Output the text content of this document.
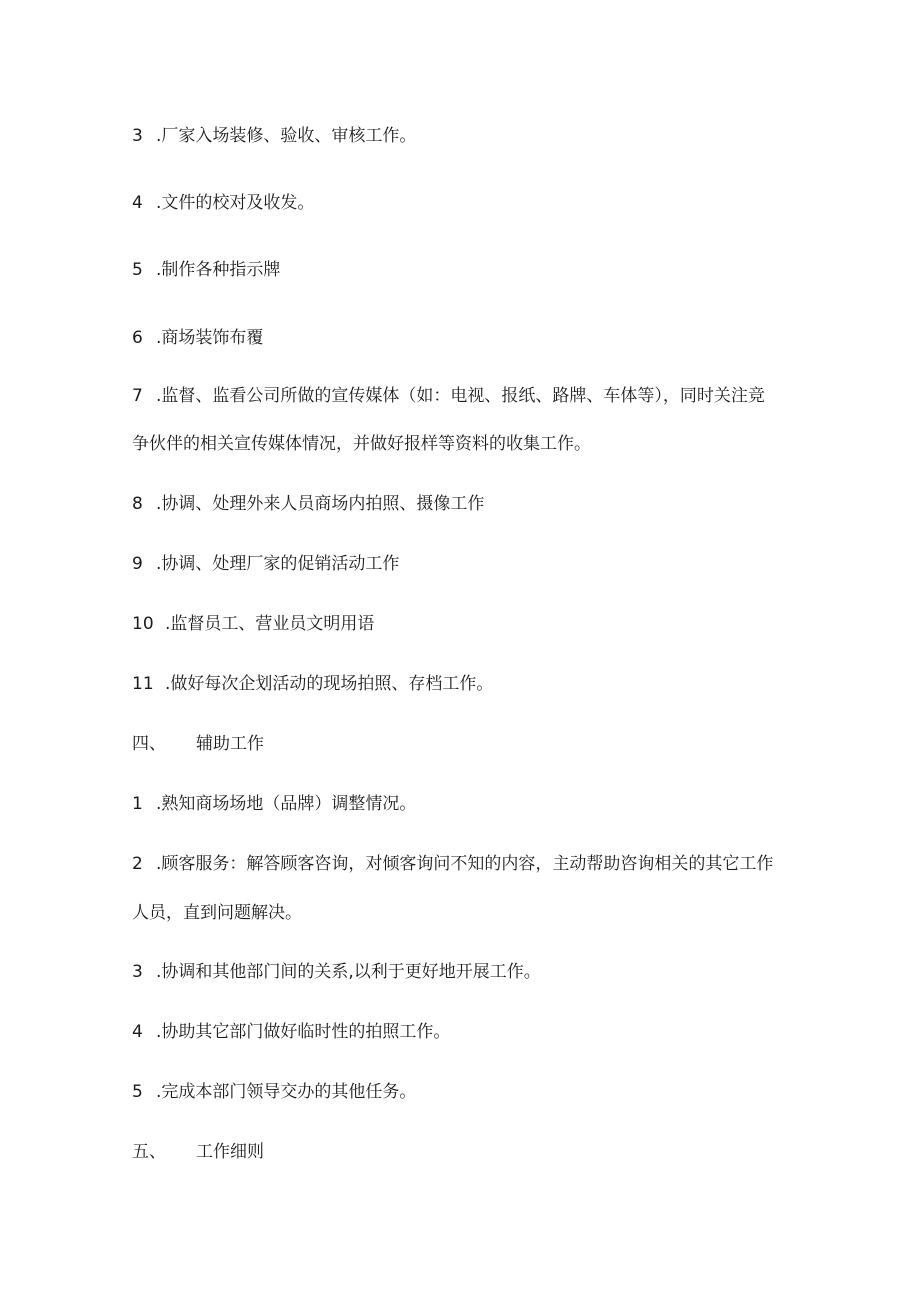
3 .厂家入场装修、验收、审核工作。
4 .文件的校对及收发。
5 .制作各种指示牌
6 .商场装饰布覆
7 .监督、监看公司所做的宣传媒体（如：电视、报纸、路牌、车体等），同时关注竞
争伙伴的相关宣传媒体情况，并做好报样等资料的收集工作。
8 .协调、处理外来人员商场内拍照、摄像工作
9 .协调、处理厂家的促销活动工作
10 .监督员工、营业员文明用语
11 .做好每次企划活动的现场拍照、存档工作。
四、 辅助工作
1 .熟知商场场地（品牌）调整情况。
2 .顾客服务：解答顾客咨询，对倾客询问不知的内容，主动帮助咨询相关的其它工作
人员，直到问题解决。
3 .协调和其他部门间的关系,以利于更好地开展工作。
4 .协助其它部门做好临时性的拍照工作。
5 .完成本部门领导交办的其他任务。
五、 工作细则
